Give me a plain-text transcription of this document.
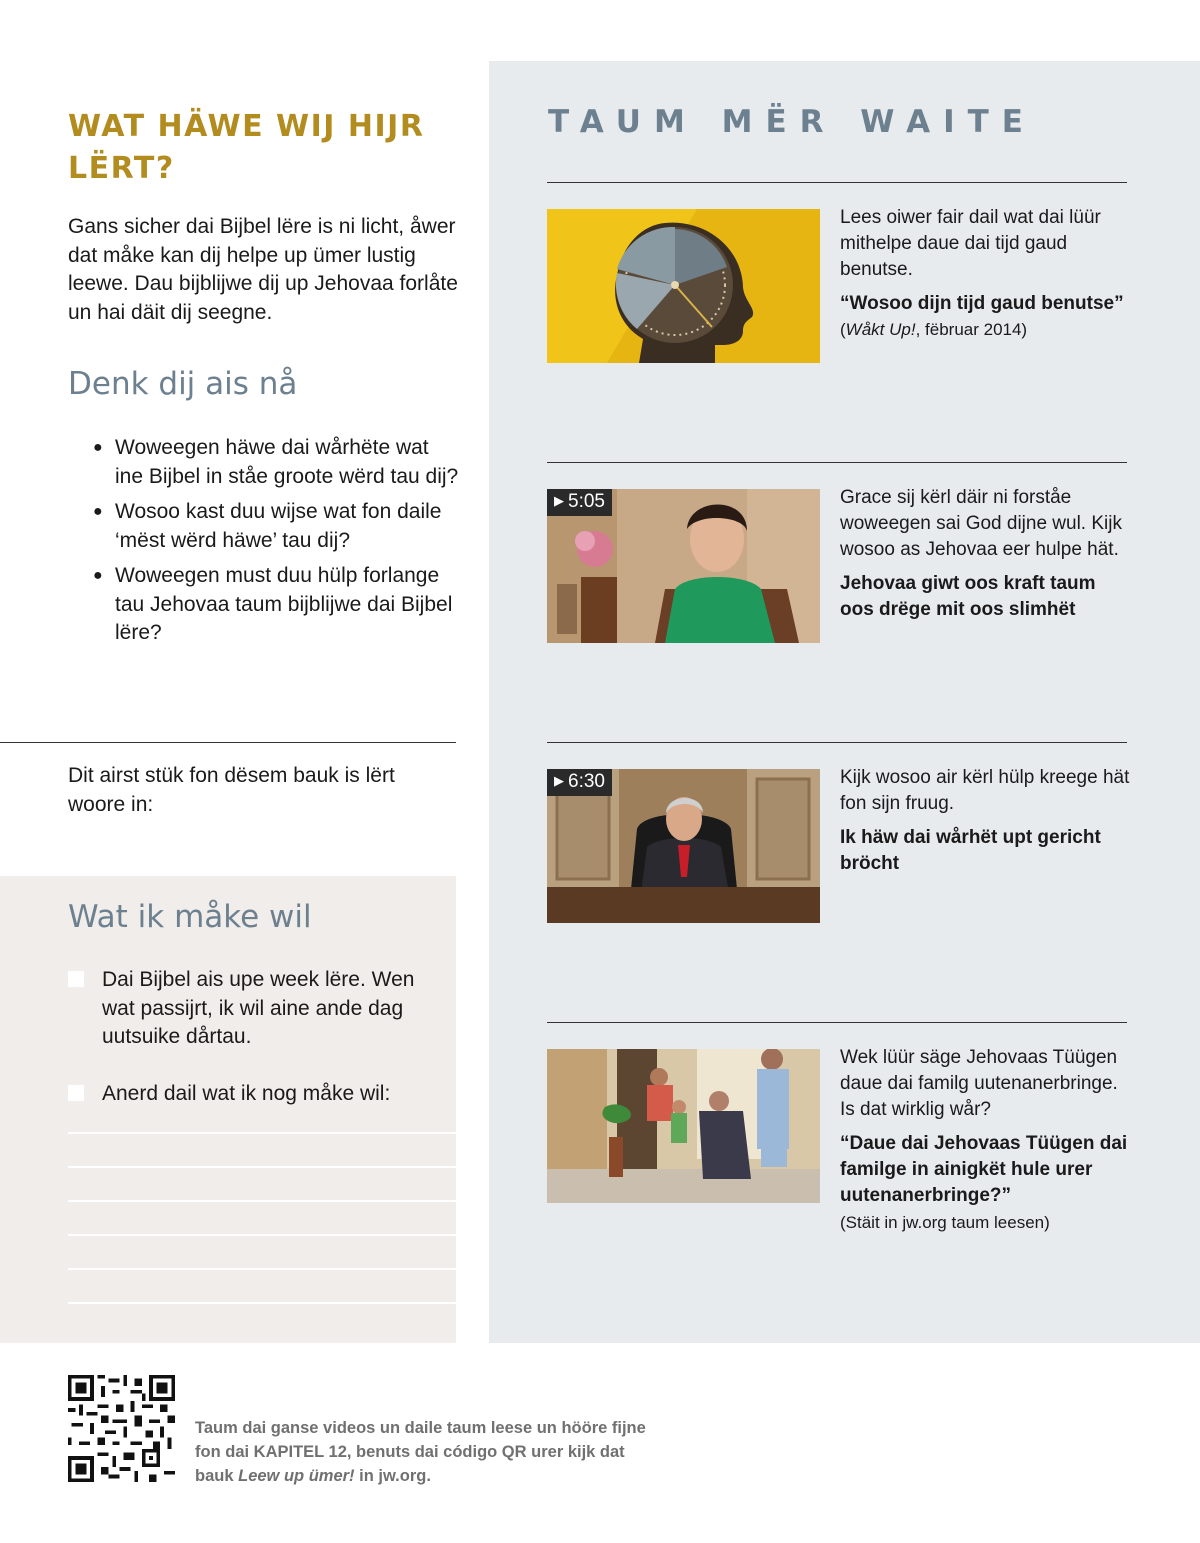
WAT HÄWE WIJ HIJR LËRT?

Gans sicher dai Bijbel lëre is ni licht, åwer dat måke kan dij helpe up ümer lustig leewe. Dau bijblijwe dij up Jehovaa forlåte un hai däit dij seegne.

Denk dij ais nå
● Woweegen häwe dai wårhëte wat ine Bijbel in ståe groote wërd tau dij?
● Wosoo kast duu wijse wat fon daile ‘mëst wërd häwe’ tau dij?
● Woweegen must duu hülp forlange tau Jehovaa taum bijblijwe dai Bijbel lëre?

Dit airst stük fon dësem bauk is lërt woore in:

Wat ik måke wil

Dai Bijbel ais upe week lëre. Wen wat passijrt, ik wil aine ande dag uutsuike dårtau.

Anerd dail wat ik nog måke wil:

TAUM MËR WAITE

Lees oiwer fair dail wat dai lüür mithelpe daue dai tijd gaud benutse.

“Wosoo dijn tijd gaud benutse” (Wåkt Up!, fëbruar 2014)

▶ 5:05	Grace sij kërl däir ni forståe woweegen sai God dijne wul. Kijk wosoo as Jehovaa eer hulpe hät.

Jehovaa giwt oos kraft taum oos drëge mit oos slimhët

▶ 6:30	Kijk wosoo air kërl hülp kreege hät fon sijn fruug.

Ik häw dai wårhët upt gericht bröcht

Wek lüür säge Jehovaas Tüügen daue dai familg uutenanerbringe. Is dat wirklig wår?

“Daue dai Jehovaas Tüügen dai familge in ainigkët hule urer uutenanerbringe?”

(Stäit in jw.org taum leesen)

Taum dai ganse videos un daile taum leese un hööre fijne fon dai KAPITEL 12, benuts dai código QR urer kijk dat bauk Leew up ümer! in jw.org.
